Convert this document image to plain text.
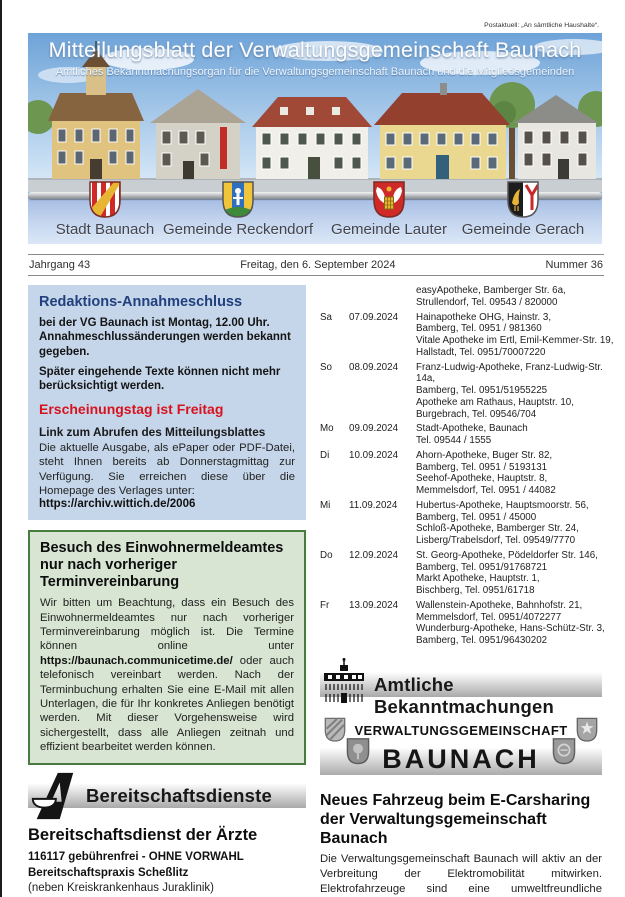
Postaktuell: „An sämtliche Haushalte“.
Mitteilungsblatt der Verwaltungsgemeinschaft Baunach
Amtliches Bekanntmachungsorgan für die Verwaltungsgemeinschaft Baunach und die Mitgliedsgemeinden
Stadt Baunach Gemeinde Reckendorf Gemeinde Lauter Gemeinde Gerach
Jahrgang 43	Freitag, den 6. September 2024	Nummer 36
Redaktions-Annahmeschluss
bei der VG Baunach ist Montag, 12.00 Uhr. Annahmeschlussänderungen werden bekannt gegeben.
Später eingehende Texte können nicht mehr berücksichtigt werden.
Erscheinungstag ist Freitag
Link zum Abrufen des Mitteilungsblattes
Die aktuelle Ausgabe, als ePaper oder PDF-Datei, steht Ihnen bereits ab Donnerstagmittag zur Verfügung. Sie erreichen diese über die Homepage des Verlages unter:
https://archiv.wittich.de/2006
Besuch des Einwohnermeldeamtes nur nach vorheriger Terminvereinbarung
Wir bitten um Beachtung, dass ein Besuch des Einwohnermeldeamtes nur nach vorheriger Terminvereinbarung möglich ist. Die Termine können online unter https://baunach.communicetime.de/ oder auch telefonisch vereinbart werden. Nach der Terminbuchung erhalten Sie eine E-Mail mit allen Unterlagen, die für Ihr konkretes Anliegen benötigt werden. Mit dieser Vorgehensweise wird sichergestellt, dass alle Anliegen zeitnah und effizient bearbeitet werden können.
Bereitschaftsdienste
Bereitschaftsdienst der Ärzte
116117 gebührenfrei - OHNE VORWAHL
Bereitschaftspraxis Scheßlitz
(neben Kreiskrankenhaus Juraklinik)
easyApotheke, Bamberger Str. 6a,
Strullendorf, Tel. 09543 / 820000
Sa	07.09.2024	Hainapotheke OHG, Hainstr. 3,
Bamberg, Tel. 0951 / 981360
Vitale Apotheke im Ertl, Emil-Kemmer-Str. 19,
Hallstadt, Tel. 0951/70007220
So	08.09.2024	Franz-Ludwig-Apotheke, Franz-Ludwig-Str.
14a,
Bamberg, Tel. 0951/51955225
Apotheke am Rathaus, Hauptstr. 10,
Burgebrach, Tel. 09546/704
Mo	09.09.2024	Stadt-Apotheke, Baunach
Tel. 09544 / 1555
Di	10.09.2024	Ahorn-Apotheke, Buger Str. 82,
Bamberg, Tel. 0951 / 5193131
Seehof-Apotheke, Hauptstr. 8,
Memmelsdorf, Tel. 0951 / 44082
Mi	11.09.2024	Hubertus-Apotheke, Hauptsmoorstr. 56,
Bamberg, Tel. 0951 / 45000
Schloß-Apotheke, Bamberger Str. 24,
Lisberg/Trabelsdorf, Tel. 09549/7770
Do	12.09.2024	St. Georg-Apotheke, Pödeldorfer Str. 146,
Bamberg, Tel. 0951/91768721
Markt Apotheke, Hauptstr. 1,
Bischberg, Tel. 0951/61718
Fr	13.09.2024	Wallenstein-Apotheke, Bahnhofstr. 21,
Memmelsdorf, Tel. 0951/4072277
Wunderburg-Apotheke, Hans-Schütz-Str. 3,
Bamberg, Tel. 0951/96430202
Amtliche Bekanntmachungen
VERWALTUNGSGEMEINSCHAFT
BAUNACH
Neues Fahrzeug beim E-Carsharing
der Verwaltungsgemeinschaft Baunach
Die Verwaltungsgemeinschaft Baunach will aktiv an der Verbreitung der Elektromobilität mitwirken. Elektrofahrzeuge sind eine umweltfreundliche
